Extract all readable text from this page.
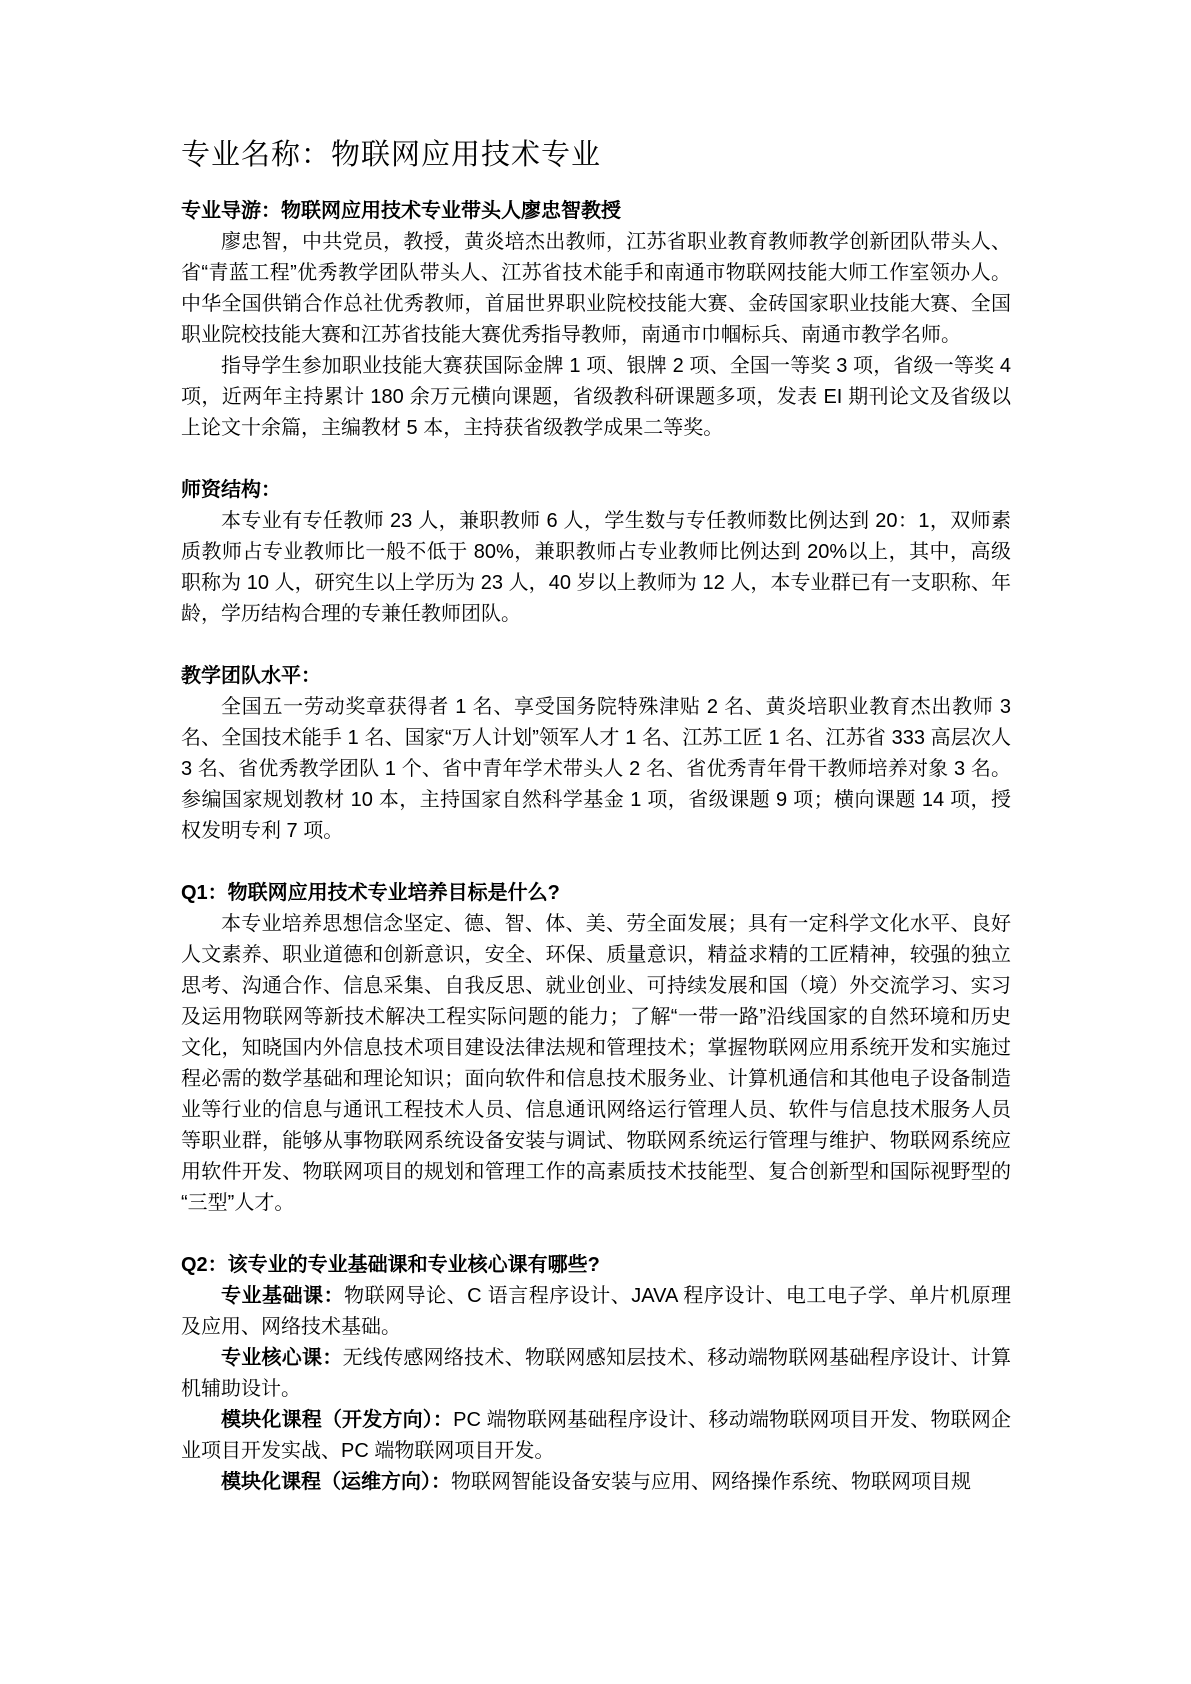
专业名称：物联网应用技术专业
专业导游：物联网应用技术专业带头人廖忠智教授

廖忠智，中共党员，教授，黄炎培杰出教师，江苏省职业教育教师教学创新团队带头人、省“青蓝工程”优秀教学团队带头人、江苏省技术能手和南通市物联网技能大师工作室领办人。中华全国供销合作总社优秀教师，首届世界职业院校技能大赛、金砖国家职业技能大赛、全国职业院校技能大赛和江苏省技能大赛优秀指导教师，南通市巾帼标兵、南通市教学名师。

指导学生参加职业技能大赛获国际金牌 1 项、银牌 2 项、全国一等奖 3 项，省级一等奖 4 项，近两年主持累计 180 余万元横向课题，省级教科研课题多项，发表 EI 期刊论文及省级以上论文十余篇，主编教材 5 本，主持获省级教学成果二等奖。

师资结构：

本专业有专任教师 23 人，兼职教师 6 人，学生数与专任教师数比例达到 20：1，双师素质教师占专业教师比一般不低于 80%，兼职教师占专业教师比例达到 20%以上，其中，高级职称为 10 人，研究生以上学历为 23 人，40 岁以上教师为 12 人，本专业群已有一支职称、年龄，学历结构合理的专兼任教师团队。

教学团队水平：

全国五一劳动奖章获得者 1 名、享受国务院特殊津贴 2 名、黄炎培职业教育杰出教师 3 名、全国技术能手 1 名、国家“万人计划”领军人才 1 名、江苏工匠 1 名、江苏省 333 高层次人 3 名、省优秀教学团队 1 个、省中青年学术带头人 2 名、省优秀青年骨干教师培养对象 3 名。参编国家规划教材 10 本，主持国家自然科学基金 1 项，省级课题 9 项；横向课题 14 项，授权发明专利 7 项。

Q1：物联网应用技术专业培养目标是什么?

本专业培养思想信念坚定、德、智、体、美、劳全面发展；具有一定科学文化水平、良好人文素养、职业道德和创新意识，安全、环保、质量意识，精益求精的工匠精神，较强的独立思考、沟通合作、信息采集、自我反思、就业创业、可持续发展和国（境）外交流学习、实习及运用物联网等新技术解决工程实际问题的能力；了解“一带一路”沿线国家的自然环境和历史文化，知晓国内外信息技术项目建设法律法规和管理技术；掌握物联网应用系统开发和实施过程必需的数学基础和理论知识；面向软件和信息技术服务业、计算机通信和其他电子设备制造业等行业的信息与通讯工程技术人员、信息通讯网络运行管理人员、软件与信息技术服务人员等职业群，能够从事物联网系统设备安装与调试、物联网系统运行管理与维护、物联网系统应用软件开发、物联网项目的规划和管理工作的高素质技术技能型、复合创新型和国际视野型的“三型”人才。

Q2：该专业的专业基础课和专业核心课有哪些?

专业基础课：物联网导论、C 语言程序设计、JAVA 程序设计、电工电子学、单片机原理及应用、网络技术基础。

专业核心课：无线传感网络技术、物联网感知层技术、移动端物联网基础程序设计、计算机辅助设计。

模块化课程（开发方向）：PC 端物联网基础程序设计、移动端物联网项目开发、物联网企业项目开发实战、PC 端物联网项目开发。

模块化课程（运维方向）：物联网智能设备安装与应用、网络操作系统、物联网项目规
